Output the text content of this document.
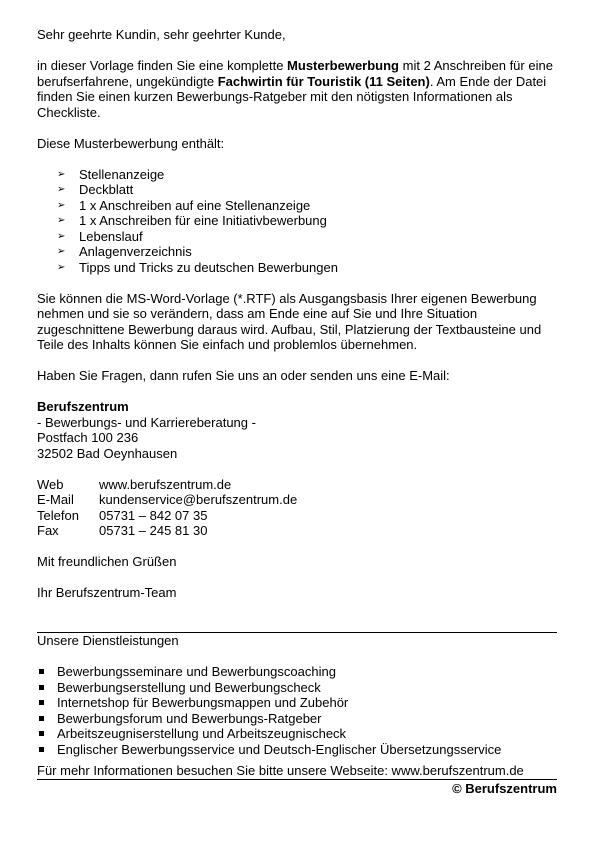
Sehr geehrte Kundin, sehr geehrter Kunde,

in dieser Vorlage finden Sie eine komplette Musterbewerbung mit 2 Anschreiben für eine berufserfahrene, ungekündigte Fachwirtin für Touristik (11 Seiten). Am Ende der Datei finden Sie einen kurzen Bewerbungs-Ratgeber mit den nötigsten Informationen als Checkliste.

Diese Musterbewerbung enthält:

➢ Stellenanzeige
➢ Deckblatt
➢ 1 x Anschreiben auf eine Stellenanzeige
➢ 1 x Anschreiben für eine Initiativbewerbung
➢ Lebenslauf
➢ Anlagenverzeichnis
➢ Tipps und Tricks zu deutschen Bewerbungen

Sie können die MS-Word-Vorlage (*.RTF) als Ausgangsbasis Ihrer eigenen Bewerbung nehmen und sie so verändern, dass am Ende eine auf Sie und Ihre Situation zugeschnittene Bewerbung daraus wird. Aufbau, Stil, Platzierung der Textbausteine und Teile des Inhalts können Sie einfach und problemlos übernehmen.

Haben Sie Fragen, dann rufen Sie uns an oder senden uns eine E-Mail:

Berufszentrum

- Bewerbungs- und Karriereberatung -

Postfach 100 236

32502 Bad Oeynhausen

Web	www.berufszentrum.de
E-Mail	kundenservice@berufszentrum.de
Telefon	05731 – 842 07 35
Fax	05731 – 245 81 30

Mit freundlichen Grüßen

Ihr Berufszentrum-Team

Unsere Dienstleistungen

Bewerbungsseminare und Bewerbungscoaching
Bewerbungserstellung und Bewerbungscheck
Internetshop für Bewerbungsmappen und Zubehör
Bewerbungsforum und Bewerbungs-Ratgeber
Arbeitszeugniserstellung und Arbeitszeugnischeck
Englischer Bewerbungsservice und Deutsch-Englischer Übersetzungsservice

Für mehr Informationen besuchen Sie bitte unsere Webseite: www.berufszentrum.de

© Berufszentrum
